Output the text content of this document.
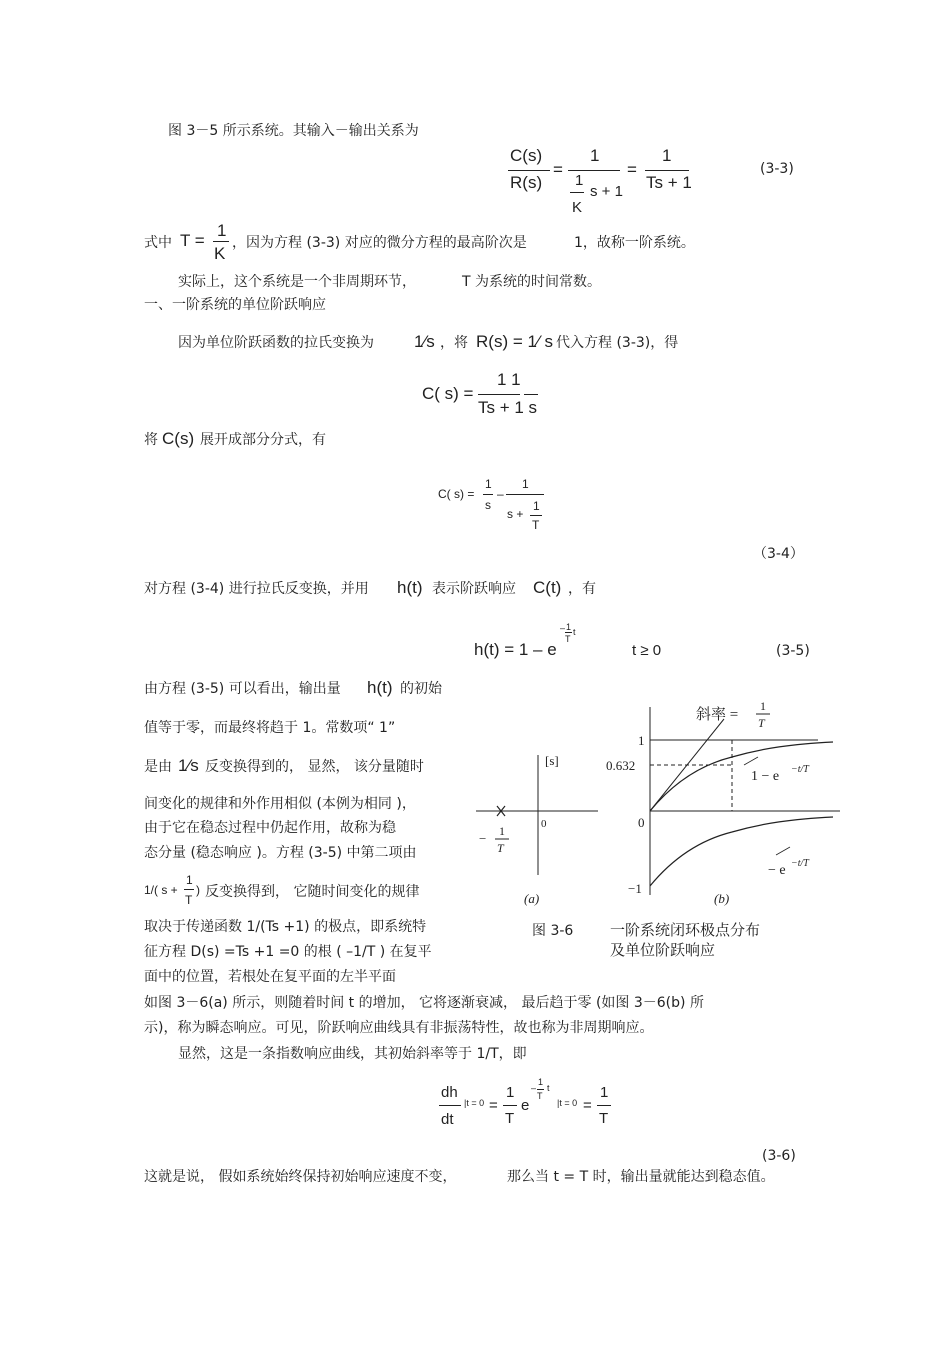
图 3－5 所示系统。其输入－输出关系为
C(s)
R(s)
=
1
1
K
s + 1
=
1
Ts + 1
(3-3)
式中 T =
1
K
，因为方程 (3-3) 对应的微分方程的最高阶次是	1，故称一阶系统。
实际上，这个系统是一个非周期环节，	T 为系统的时间常数。
一、一阶系统的单位阶跃响应
因为单位阶跃函数的拉氏变换为 1⁄s ，将 R(s) = 1⁄ s 代入方程 (3-3)，得
C( s) =
1 1
Ts + 1 s
将 C(s) 展开成部分分式，有
C( s) =
1
s
–
1
s +
1
T
（3-4）
对方程 (3-4) 进行拉氏反变换，并用 h(t) 表示阶跃响应 C(t) ，有
h(t) = 1 – e
– 1
T
t
t ≥ 0	(3-5)
由方程 (3-5) 可以看出，输出量 h(t) 的初始
值等于零，而最终将趋于 1。常数项“ 1”
是由 1⁄s 反变换得到的， 显然， 该分量随时
间变化的规律和外作用相似 (本例为相同 )，
由于它在稳态过程中仍起作用，故称为稳
态分量 (稳态响应 )。方程 (3-5) 中第二项由
1/( s +
1
T
) 反变换得到， 它随时间变化的规律
取决于传递函数 1/(Ts +1) 的极点，即系统特
征方程 D(s) =Ts +1 =0 的根 ( –1/T ) 在复平
面中的位置，若根处在复平面的左半平面
[s]
0
− 1
T
(a)
斜率 =
1
T
1
0.632
0
−1
1 − e −t/T
− e −t/T
(b)
图 3-6 一阶系统闭环极点分布
及单位阶跃响应
如图 3－6(a) 所示，则随着时间 t 的增加， 它将逐渐衰减， 最后趋于零 (如图 3－6(b) 所
示)，称为瞬态响应。可见，阶跃响应曲线具有非振荡特性，故也称为非周期响应。
显然，这是一条指数响应曲线，其初始斜率等于 1/T，即
dh
dt
|t = 0 =
1
T
e
–
1
T
t
|t = 0 =
1
T
(3-6)
这就是说， 假如系统始终保持初始响应速度不变，	那么当 t = T 时，输出量就能达到稳态值。
